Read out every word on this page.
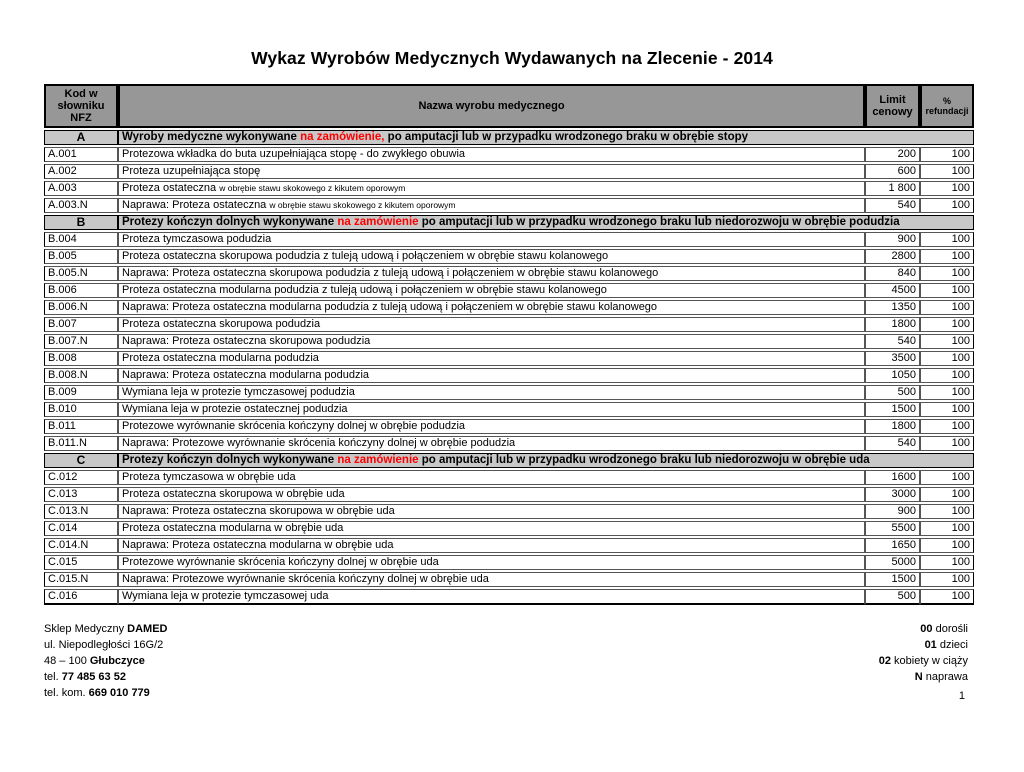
Wykaz Wyrobów Medycznych Wydawanych na Zlecenie - 2014
Kod w słowniku NFZ	Nazwa wyrobu medycznego	Limit cenowy	% refundacji
A	Wyroby medyczne wykonywane na zamówienie, po amputacji lub w przypadku wrodzonego braku w obrębie stopy		
A.001	Protezowa wkładka do buta uzupełniająca stopę - do zwykłego obuwia	200	100
A.002	Proteza uzupełniająca stopę	600	100
A.003	Proteza ostateczna w obrębie stawu skokowego z kikutem oporowym	1 800	100
A.003.N	Naprawa: Proteza ostateczna w obrębie stawu skokowego z kikutem oporowym	540	100
B	Protezy kończyn dolnych wykonywane na zamówienie po amputacji lub w przypadku wrodzonego braku lub niedorozwoju w obrębie podudzia		
B.004	Proteza tymczasowa podudzia	900	100
B.005	Proteza ostateczna skorupowa podudzia z tuleją udową i połączeniem w obrębie stawu kolanowego	2800	100
B.005.N	Naprawa: Proteza ostateczna skorupowa podudzia z tuleją udową i połączeniem w obrębie stawu kolanowego	840	100
B.006	Proteza ostateczna modularna podudzia z tuleją udową i połączeniem w obrębie stawu kolanowego	4500	100
B.006.N	Naprawa: Proteza ostateczna modularna podudzia z tuleją udową i połączeniem w obrębie stawu kolanowego	1350	100
B.007	Proteza ostateczna skorupowa podudzia	1800	100
B.007.N	Naprawa: Proteza ostateczna skorupowa podudzia	540	100
B.008	Proteza ostateczna modularna podudzia	3500	100
B.008.N	Naprawa: Proteza ostateczna modularna podudzia	1050	100
B.009	Wymiana leja w protezie tymczasowej podudzia	500	100
B.010	Wymiana leja w protezie ostatecznej podudzia	1500	100
B.011	Protezowe wyrównanie skrócenia kończyny dolnej w obrębie podudzia	1800	100
B.011.N	Naprawa: Protezowe wyrównanie skrócenia kończyny dolnej w obrębie podudzia	540	100
C	Protezy kończyn dolnych wykonywane na zamówienie po amputacji lub w przypadku wrodzonego braku lub niedorozwoju w obrębie uda		
C.012	Proteza tymczasowa w obrębie uda	1600	100
C.013	Proteza ostateczna skorupowa w obrębie uda	3000	100
C.013.N	Naprawa: Proteza ostateczna skorupowa w obrębie uda	900	100
C.014	Proteza ostateczna modularna w obrębie uda	5500	100
C.014.N	Naprawa: Proteza ostateczna modularna w obrębie uda	1650	100
C.015	Protezowe wyrównanie skrócenia kończyny dolnej w obrębie uda	5000	100
C.015.N	Naprawa: Protezowe wyrównanie skrócenia kończyny dolnej w obrębie uda	1500	100
C.016	Wymiana leja w protezie tymczasowej uda	500	100
Sklep Medyczny DAMED
ul. Niepodległości 16G/2
48 – 100 Głubczyce
tel. 77 485 63 52
tel. kom. 669 010 779
00 dorośli
01 dzieci
02 kobiety w ciąży
N naprawa
1
